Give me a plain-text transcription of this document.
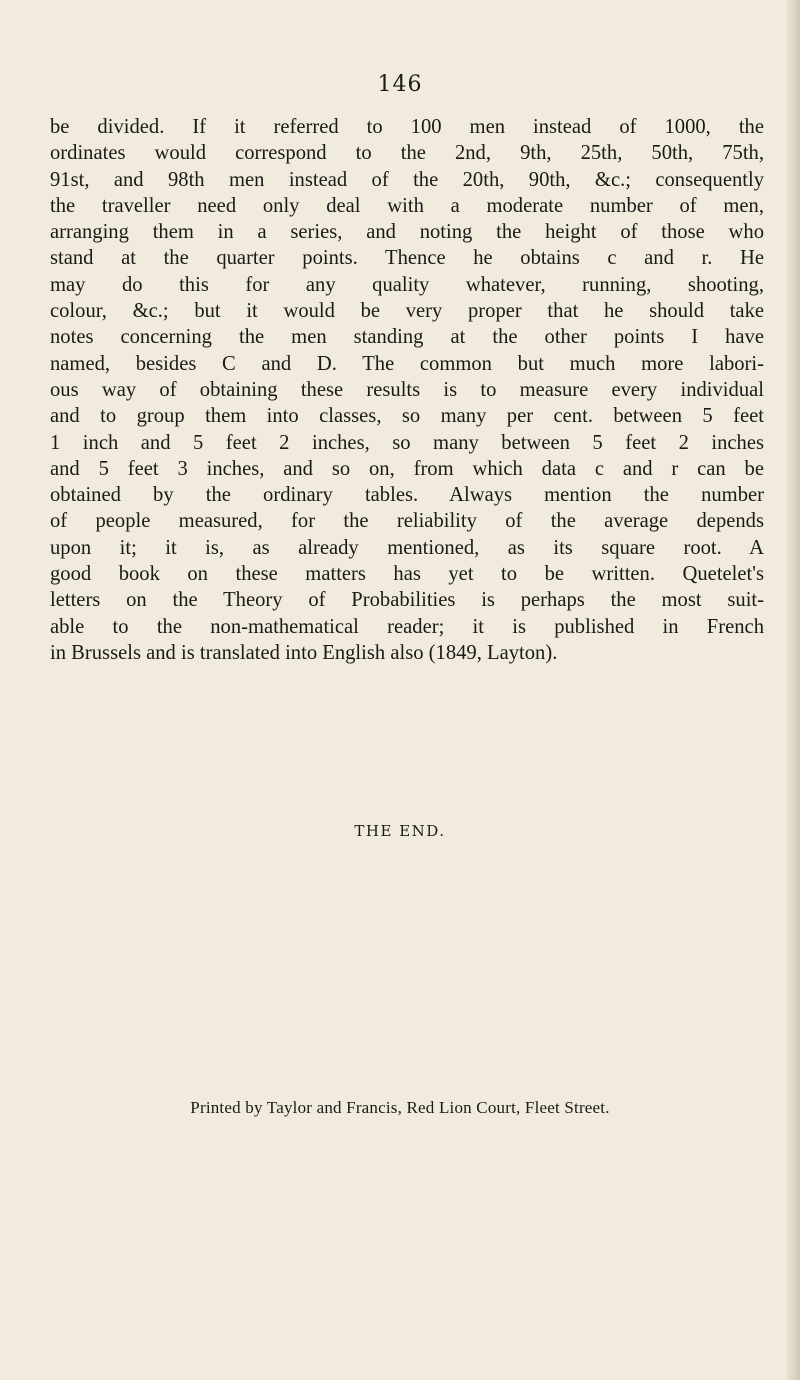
146
be divided. If it referred to 100 men instead of 1000, the
ordinates would correspond to the 2nd, 9th, 25th, 50th, 75th,
91st, and 98th men instead of the 20th, 90th, &c.; consequently
the traveller need only deal with a moderate number of men,
arranging them in a series, and noting the height of those who
stand at the quarter points. Thence he obtains c and r. He
may do this for any quality whatever, running, shooting,
colour, &c.; but it would be very proper that he should take
notes concerning the men standing at the other points I have
named, besides C and D. The common but much more labori-
ous way of obtaining these results is to measure every individual
and to group them into classes, so many per cent. between 5 feet
1 inch and 5 feet 2 inches, so many between 5 feet 2 inches
and 5 feet 3 inches, and so on, from which data c and r can be
obtained by the ordinary tables. Always mention the number
of people measured, for the reliability of the average depends
upon it; it is, as already mentioned, as its square root. A
good book on these matters has yet to be written. Quetelet's
letters on the Theory of Probabilities is perhaps the most suit-
able to the non-mathematical reader; it is published in French
in Brussels and is translated into English also (1849, Layton).
THE END.
Printed by Taylor and Francis, Red Lion Court, Fleet Street.
